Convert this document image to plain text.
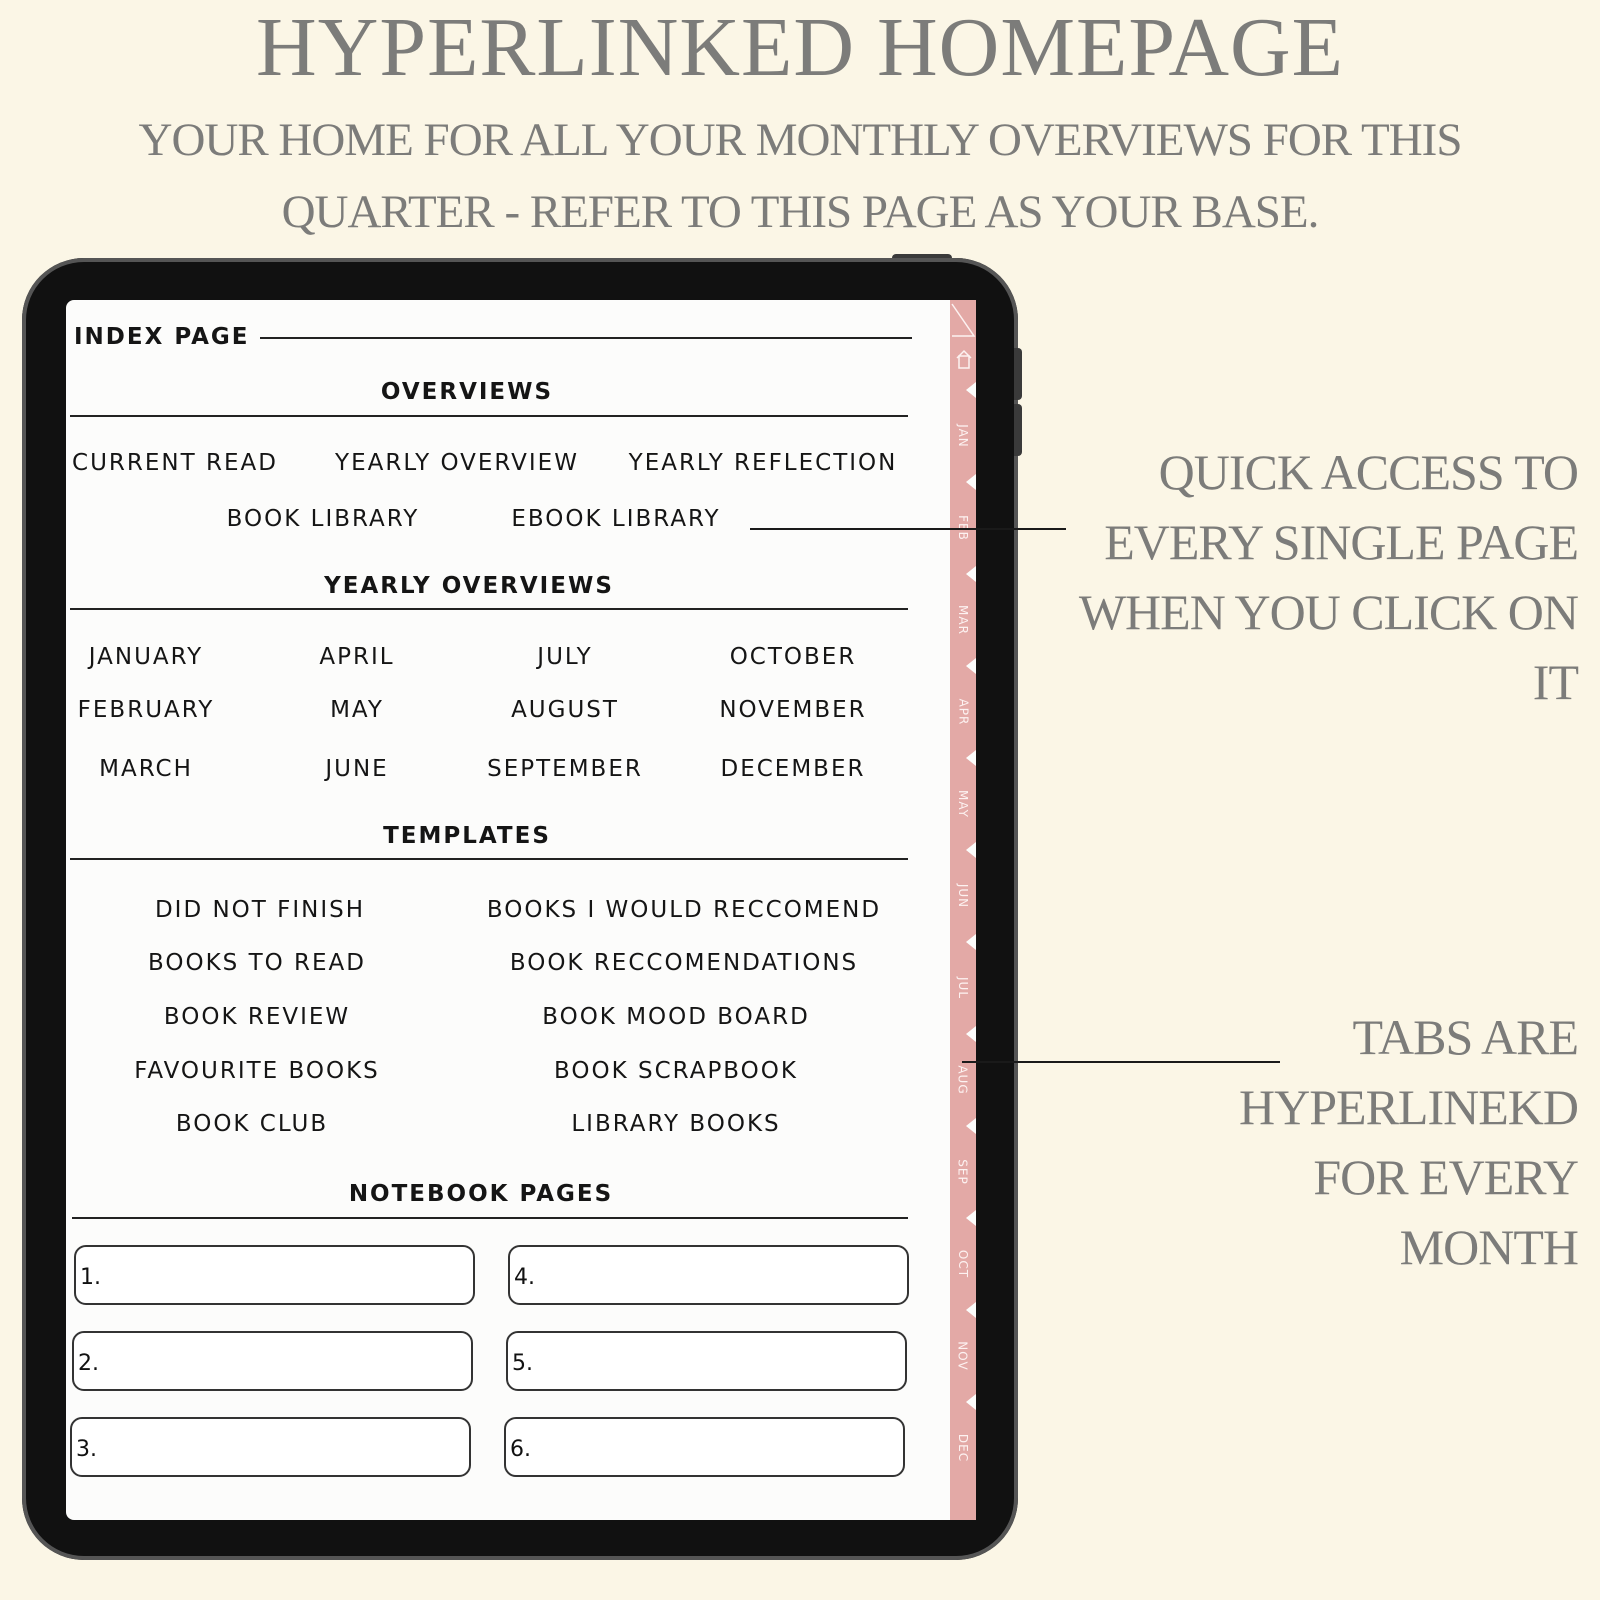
HYPERLINKED HOMEPAGE
YOUR HOME FOR ALL YOUR MONTHLY OVERVIEWS FOR THIS
QUARTER - REFER TO THIS PAGE AS YOUR BASE.
QUICK ACCESS TO
EVERY SINGLE PAGE
WHEN YOU CLICK ON
IT
TABS ARE
HYPERLINEKD
FOR EVERY
MONTH
INDEX PAGE
OVERVIEWS
CURRENT READ YEARLY OVERVIEW YEARLY REFLECTION
BOOK LIBRARY	EBOOK LIBRARY
YEARLY OVERVIEWS
JANUARY
FEBRUARY
MARCH
APRIL
MAY
JUNE
JULY
AUGUST
SEPTEMBER
OCTOBER
NOVEMBER
DECEMBER
TEMPLATES
DID NOT FINISH
BOOKS TO READ
BOOK REVIEW
FAVOURITE BOOKS
BOOK CLUB
BOOKS I WOULD RECCOMEND
BOOK RECCOMENDATIONS
BOOK MOOD BOARD
BOOK SCRAPBOOK
LIBRARY BOOKS
NOTEBOOK PAGES
1.
2.
3.
4.
5.
6.
JAN
MAR
APR
MAY
JUN
JUL
AUG
SEP
OCT
NOV
DEC
